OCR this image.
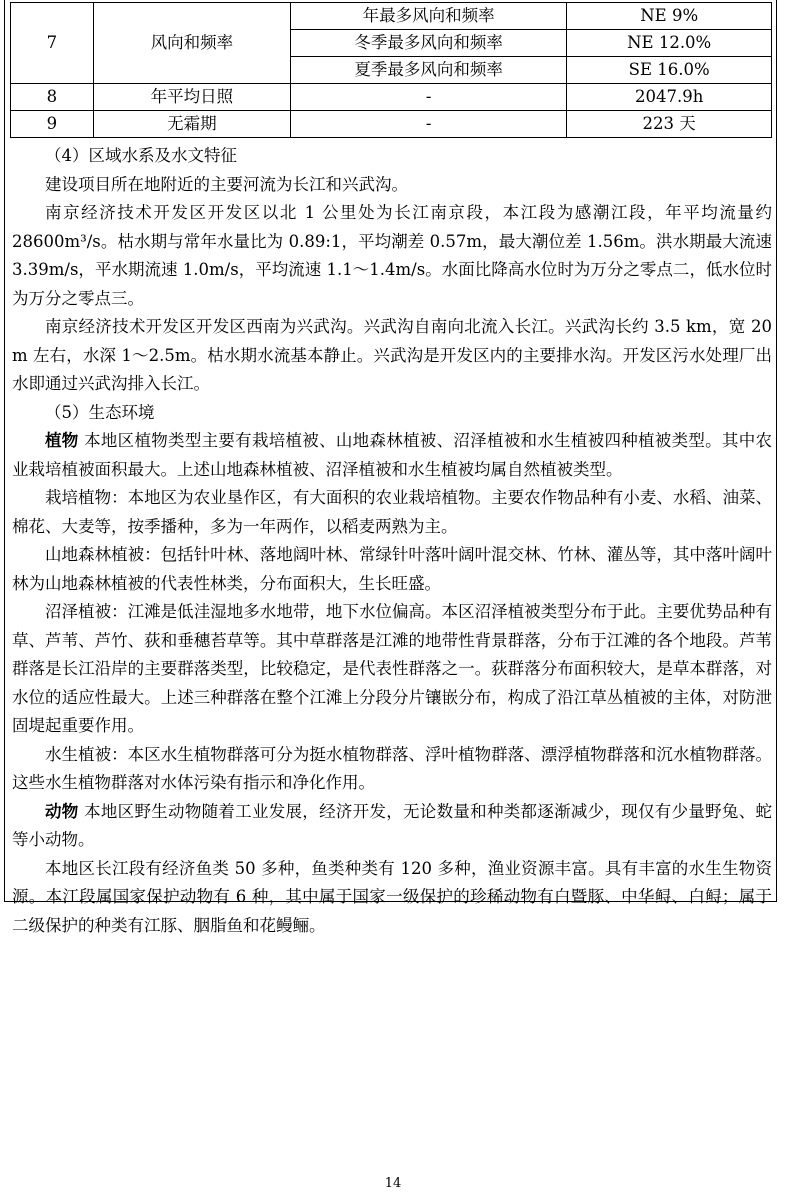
7	风向和频率	年最多风向和频率	NE 9%
		冬季最多风向和频率	NE 12.0%
		夏季最多风向和频率	SE 16.0%
8	年平均日照	-	2047.9h
9	无霜期	-	223 天

（4）区域水系及水文特征

建设项目所在地附近的主要河流为长江和兴武沟。

南京经济技术开发区开发区以北 1 公里处为长江南京段，本江段为感潮江段，年平均流量约 28600m³/s。枯水期与常年水量比为 0.89:1，平均潮差 0.57m，最大潮位差 1.56m。洪水期最大流速 3.39m/s，平水期流速 1.0m/s，平均流速 1.1～1.4m/s。水面比降高水位时为万分之零点二，低水位时为万分之零点三。

南京经济技术开发区开发区西南为兴武沟。兴武沟自南向北流入长江。兴武沟长约 3.5 km，宽 20 m 左右，水深 1～2.5m。枯水期水流基本静止。兴武沟是开发区内的主要排水沟。开发区污水处理厂出水即通过兴武沟排入长江。

（5）生态环境

植物 本地区植物类型主要有栽培植被、山地森林植被、沼泽植被和水生植被四种植被类型。其中农业栽培植被面积最大。上述山地森林植被、沼泽植被和水生植被均属自然植被类型。

栽培植物：本地区为农业垦作区，有大面积的农业栽培植物。主要农作物品种有小麦、水稻、油菜、棉花、大麦等，按季播种，多为一年两作，以稻麦两熟为主。

山地森林植被：包括针叶林、落地阔叶林、常绿针叶落叶阔叶混交林、竹林、灌丛等，其中落叶阔叶林为山地森林植被的代表性林类，分布面积大，生长旺盛。

沼泽植被：江滩是低洼湿地多水地带，地下水位偏高。本区沼泽植被类型分布于此。主要优势品种有草、芦苇、芦竹、荻和垂穗苔草等。其中草群落是江滩的地带性背景群落，分布于江滩的各个地段。芦苇群落是长江沿岸的主要群落类型，比较稳定，是代表性群落之一。荻群落分布面积较大，是草本群落，对水位的适应性最大。上述三种群落在整个江滩上分段分片镶嵌分布，构成了沿江草丛植被的主体，对防泄固堤起重要作用。

水生植被：本区水生植物群落可分为挺水植物群落、浮叶植物群落、漂浮植物群落和沉水植物群落。这些水生植物群落对水体污染有指示和净化作用。

动物 本地区野生动物随着工业发展，经济开发，无论数量和种类都逐渐减少，现仅有少量野兔、蛇等小动物。

本地区长江段有经济鱼类 50 多种，鱼类种类有 120 多种，渔业资源丰富。具有丰富的水生生物资源。本江段属国家保护动物有 6 种，其中属于国家一级保护的珍稀动物有白暨豚、中华鲟、白鲟；属于二级保护的种类有江豚、胭脂鱼和花鳗鲡。

14
